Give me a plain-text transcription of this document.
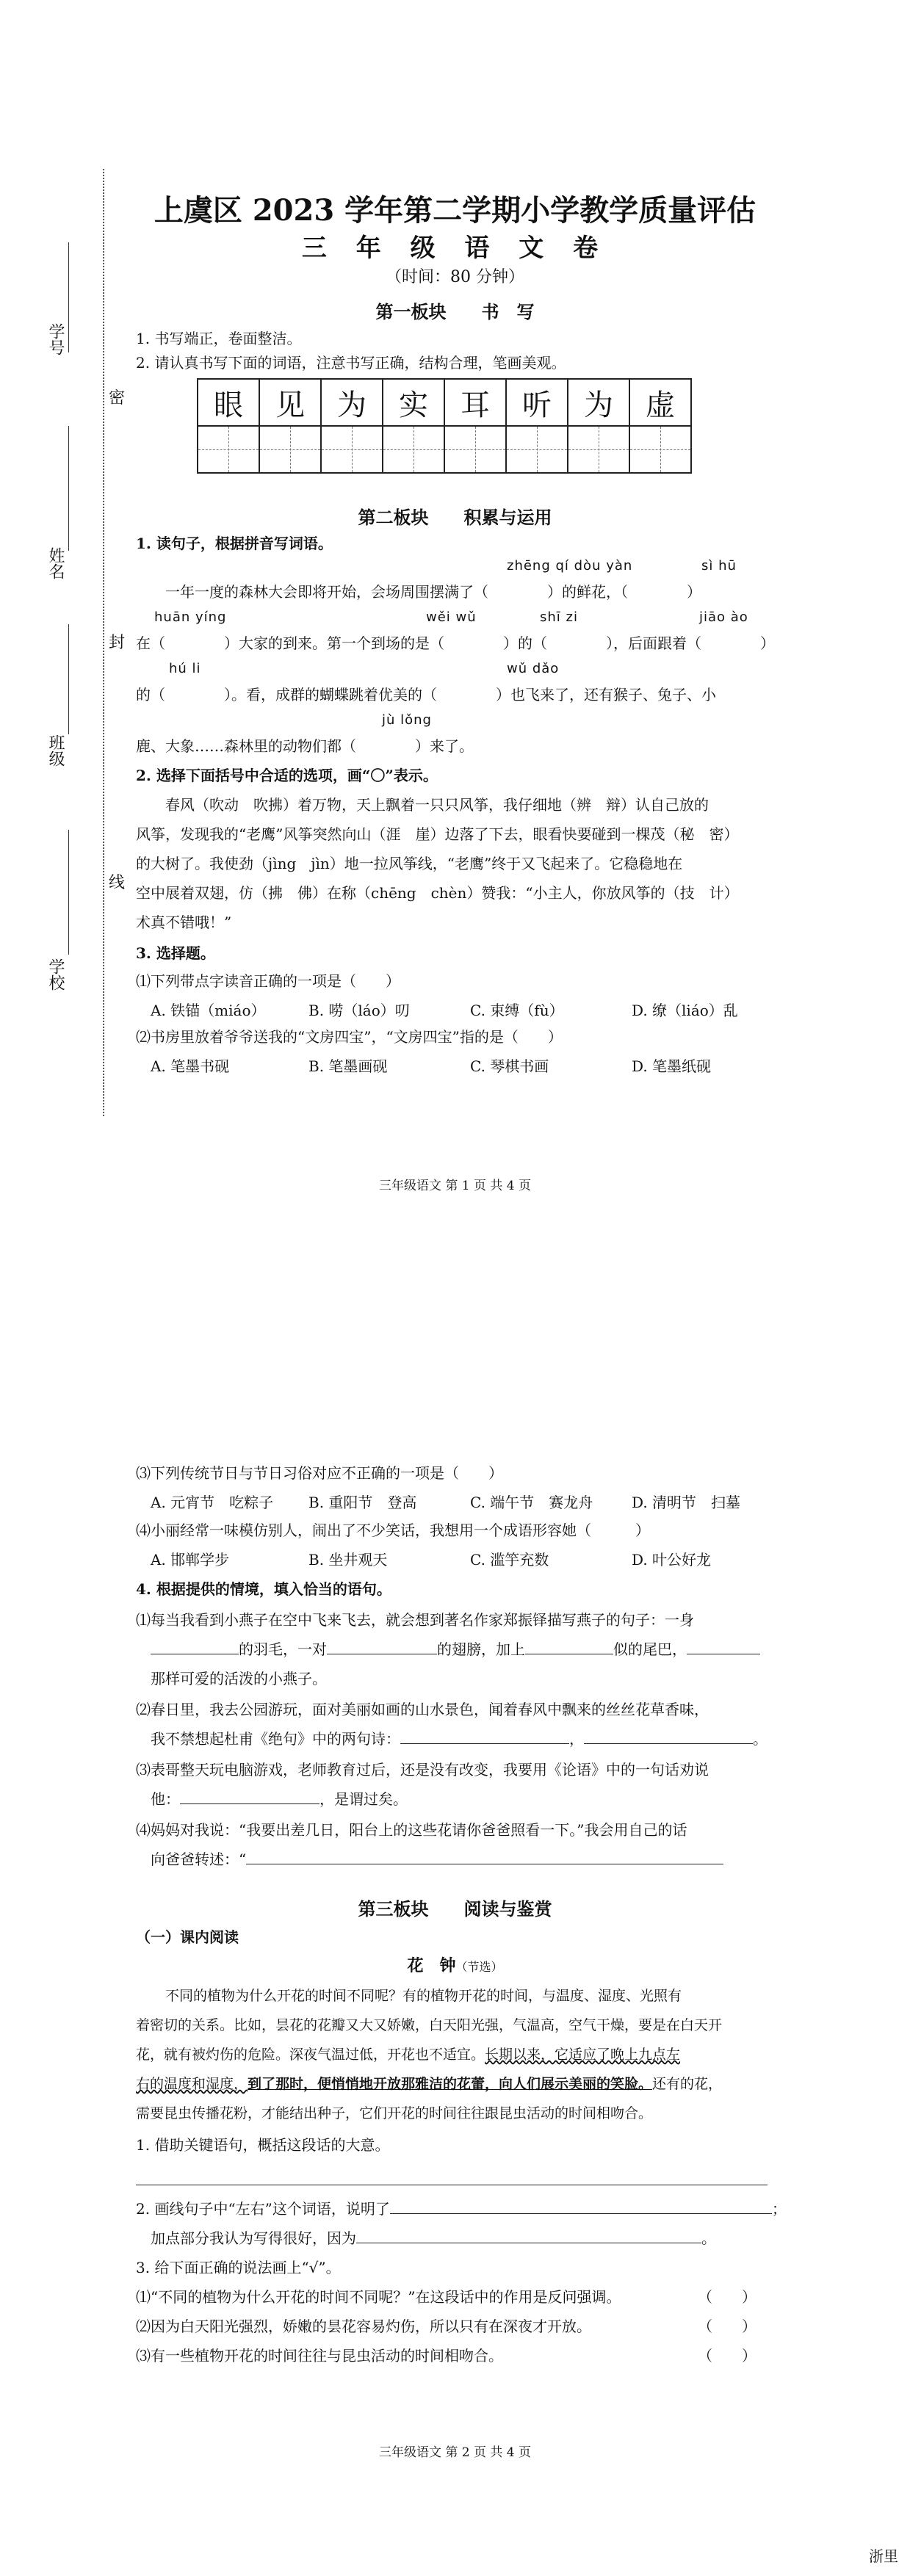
学号
密
姓名
封
班级
线
学校
上虞区 2023 学年第二学期小学教学质量评估
三 年 级 语 文 卷
（时间：80 分钟）
第一板块　　书　写
1. 书写端正，卷面整洁。
2. 请认真书写下面的词语，注意书写正确，结构合理，笔画美观。
眼	见	为	实	耳	听	为	虚
第二板块　　积累与运用
1. 读句子，根据拼音写词语。
zhēng qí dòu yàn	sì hū
一年一度的森林大会即将开始，会场周围摆满了（　　　　）的鲜花，（　　　　）
huān yíng	wěi wǔ	shī zi	jiāo ào
在（　　　　）大家的到来。第一个到场的是（　　　　）的（　　　　），后面跟着（　　　　）
hú li	wǔ dǎo
的（　　　　）。看，成群的蝴蝶跳着优美的（　　　　）也飞来了，还有猴子、兔子、小
jù lǒng
鹿、大象……森林里的动物们都（　　　　）来了。
2. 选择下面括号中合适的选项，画“〇”表示。
春风（吹动　吹拂）着万物，天上飘着一只只风筝，我仔细地（辨　辩）认自己放的
风筝，发现我的“老鹰”风筝突然向山（涯　崖）边落了下去，眼看快要碰到一棵茂（秘　密）
的大树了。我使劲（jìng　jìn）地一拉风筝线，“老鹰”终于又飞起来了。它稳稳地在
空中展着双翅，仿（拂　佛）在称（chēng　chèn）赞我：“小主人，你放风筝的（技　计）
术真不错哦！”
3. 选择题。
⑴下列带点字读音正确的一项是（　　）
A. 铁锚（miáo）	B. 唠（láo）叨	C. 束缚（fù）	D. 缭（liáo）乱
⑵书房里放着爷爷送我的“文房四宝”，“文房四宝”指的是（　　）
A. 笔墨书砚	B. 笔墨画砚	C. 琴棋书画	D. 笔墨纸砚
三年级语文 第 1 页 共 4 页
⑶下列传统节日与节日习俗对应不正确的一项是（　　）
A. 元宵节　吃粽子 B. 重阳节　登高	C. 端午节　赛龙舟	D. 清明节　扫墓
⑷小丽经常一味模仿别人，闹出了不少笑话，我想用一个成语形容她（　　　）
A. 邯郸学步	B. 坐井观天	C. 滥竽充数	D. 叶公好龙
4. 根据提供的情境，填入恰当的语句。
⑴每当我看到小燕子在空中飞来飞去，就会想到著名作家郑振铎描写燕子的句子：一身
的羽毛，一对	的翅膀，加上	似的尾巴，
那样可爱的活泼的小燕子。
⑵春日里，我去公园游玩，面对美丽如画的山水景色，闻着春风中飘来的丝丝花草香味，
我不禁想起杜甫《绝句》中的两句诗：	，	。
⑶表哥整天玩电脑游戏，老师教育过后，还是没有改变，我要用《论语》中的一句话劝说
他：	，是谓过矣。
⑷妈妈对我说：“我要出差几日，阳台上的这些花请你爸爸照看一下。”我会用自己的话
向爸爸转述：“
第三板块　　阅读与鉴赏
（一）课内阅读
花　钟（节选）
不同的植物为什么开花的时间不同呢？有的植物开花的时间，与温度、湿度、光照有
着密切的关系。比如，昙花的花瓣又大又娇嫩，白天阳光强，气温高，空气干燥，要是在白天开
花，就有被灼伤的危险。深夜气温过低，开花也不适宜。长期以来，它适应了晚上九点左
右的温度和湿度，到了那时，便悄悄地开放那雅洁的花蕾，向人们展示美丽的笑脸。还有的花，
需要昆虫传播花粉，才能结出种子，它们开花的时间往往跟昆虫活动的时间相吻合。
1. 借助关键语句，概括这段话的大意。
2. 画线句子中“左右”这个词语，说明了	；
加点部分我认为写得很好，因为	。
3. 给下面正确的说法画上“√”。
⑴“不同的植物为什么开花的时间不同呢？”在这段话中的作用是反问强调。	（　　）
⑵因为白天阳光强烈，娇嫩的昙花容易灼伤，所以只有在深夜才开放。	（　　）
⑶有一些植物开花的时间往往与昆虫活动的时间相吻合。	（　　）
三年级语文 第 2 页 共 4 页
浙里
